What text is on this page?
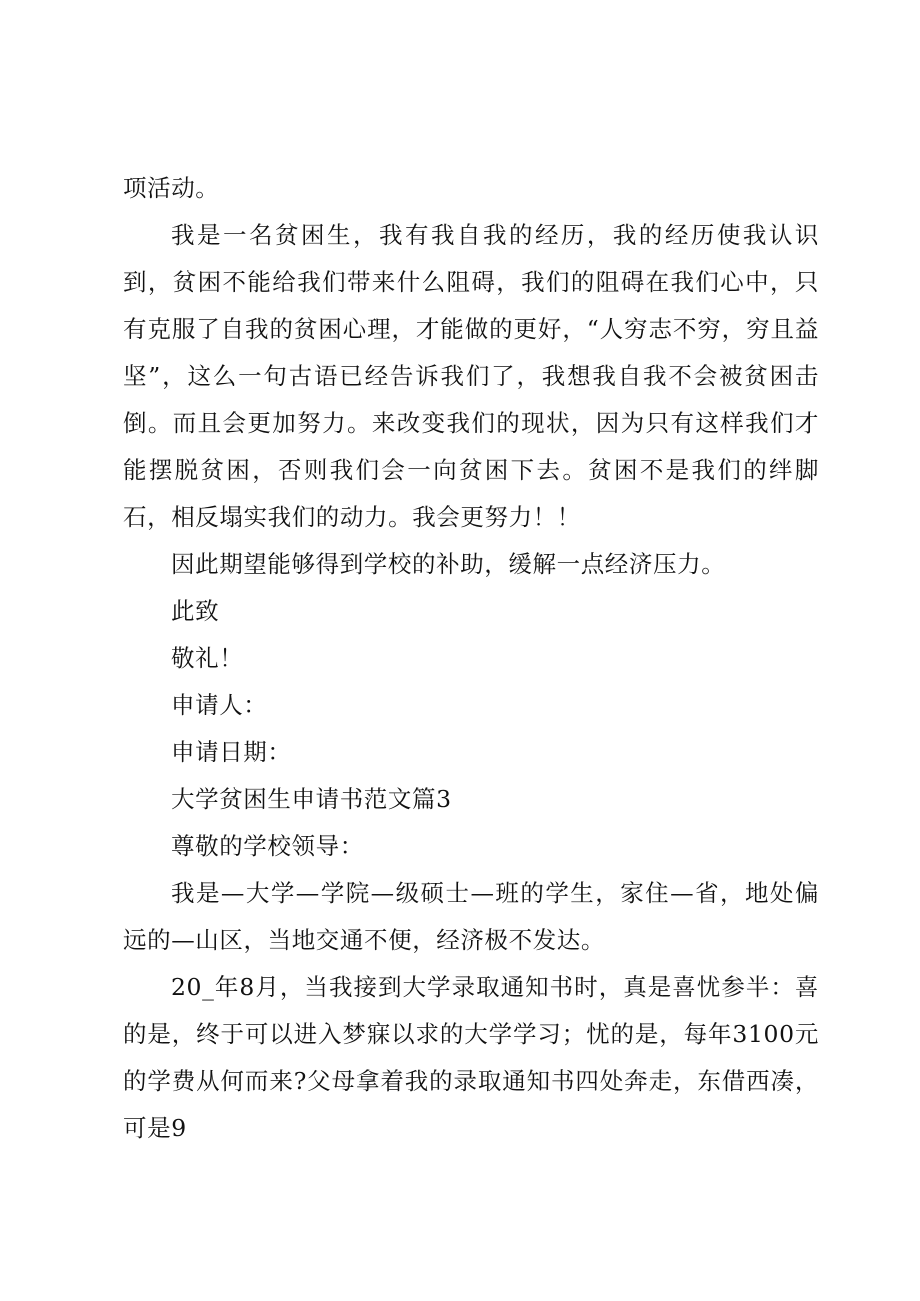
项活动。

我是一名贫困生，我有我自我的经历，我的经历使我认识到，贫困不能给我们带来什么阻碍，我们的阻碍在我们心中，只有克服了自我的贫困心理，才能做的更好，“人穷志不穷，穷且益坚”，这么一句古语已经告诉我们了，我想我自我不会被贫困击倒。而且会更加努力。来改变我们的现状，因为只有这样我们才能摆脱贫困，否则我们会一向贫困下去。贫困不是我们的绊脚石，相反塌实我们的动力。我会更努力！！

因此期望能够得到学校的补助，缓解一点经济压力。

此致

敬礼！

申请人：

申请日期：

大学贫困生申请书范文篇3

尊敬的学校领导：

我是—大学—学院—级硕士—班的学生，家住—省，地处偏远的—山区，当地交通不便，经济极不发达。

20_年8月，当我接到大学录取通知书时，真是喜忧参半：喜的是，终于可以进入梦寐以求的大学学习；忧的是，每年3100元的学费从何而来?父母拿着我的录取通知书四处奔走，东借西凑，可是9
